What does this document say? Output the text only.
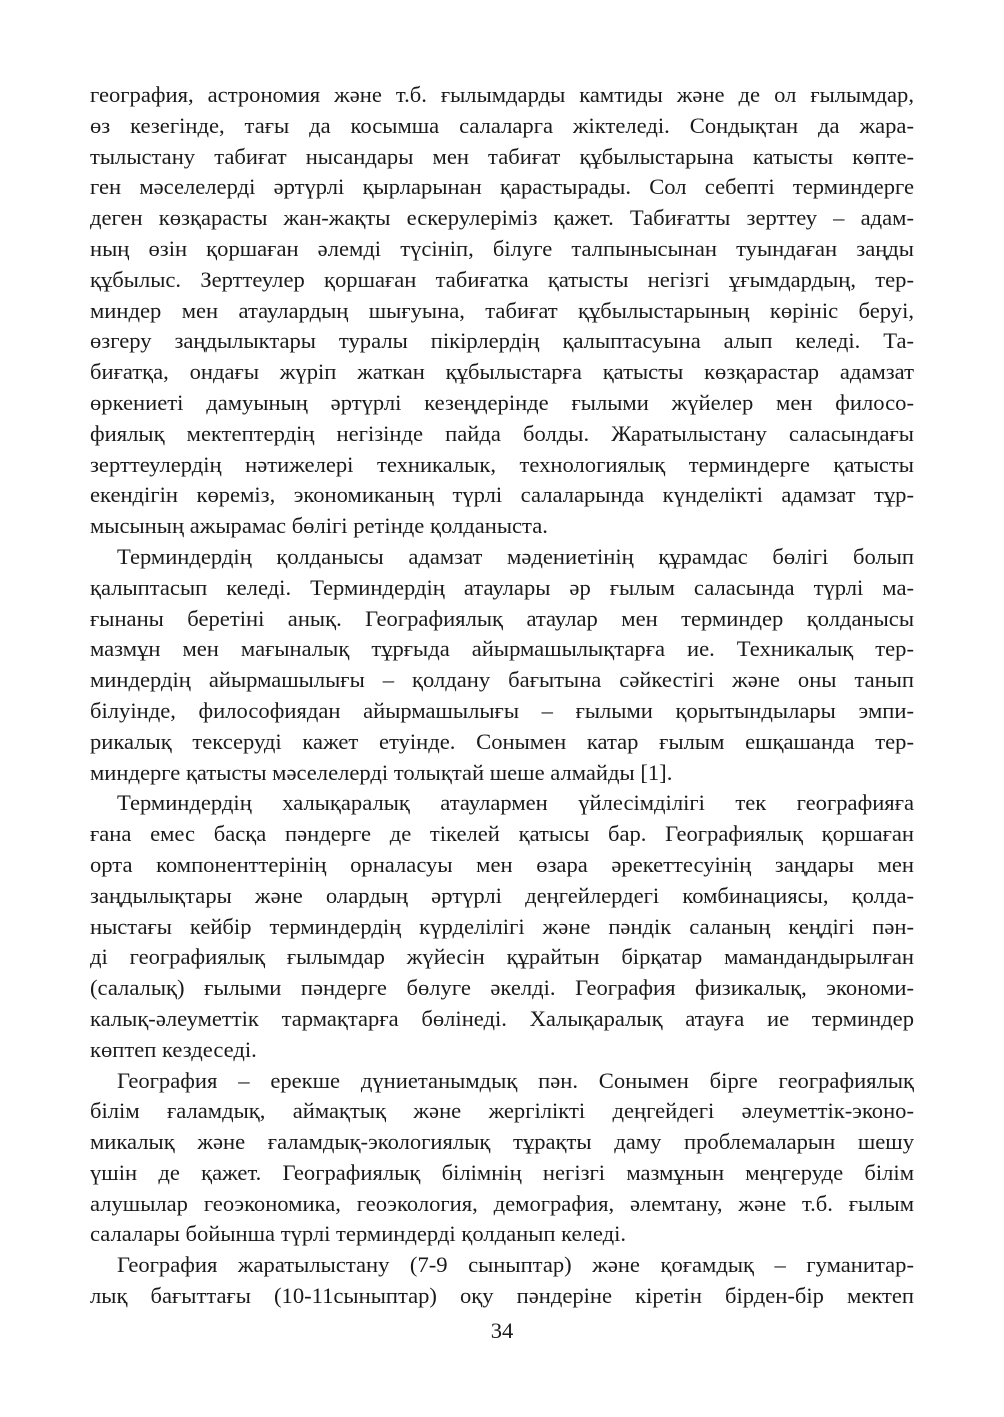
география, астрономия және т.б. ғылымдарды камтиды және де ол ғылымдар,
өз кезегінде, тағы да косымша салаларга жіктеледі. Сондықтан да жара-
тылыстану табиғат нысандары мен табиғат құбылыстарына катысты көпте-
ген мәселелерді әртүрлі қырларынан қарастырады. Сол себепті терминдерге
деген көзқарасты жан-жақты ескерулеріміз қажет. Табиғатты зерттеу – адам-
ның өзін қоршаған әлемді түсініп, білуге талпынысынан туындаған заңды
құбылыс. Зерттеулер қоршаған табиғатка қатысты негізгі ұғымдардың, тер-
миндер мен атаулардың шығуына, табиғат құбылыстарының көрініс беруі,
өзгеру заңдылыктары туралы пікірлердің қалыптасуына алып келеді. Та-
биғатқа, ондағы жүріп жаткан құбылыстарға қатысты көзқарастар адамзат
өркениеті дамуының әртүрлі кезеңдерінде ғылыми жүйелер мен филосо-
фиялық мектептердің негізінде пайда болды. Жаратылыстану саласындағы
зерттеулердің нәтижелері техникалык, технологиялық терминдерге қатысты
екендігін көреміз, экономиканың түрлі салаларында күнделікті адамзат тұр-
мысының ажырамас бөлігі ретінде қолданыста.
Терминдердің қолданысы адамзат мәдениетінің құрамдас бөлігі болып
қалыптасып келеді. Терминдердің атаулары әр ғылым саласында түрлі ма-
ғынаны беретіні анық. Географиялық атаулар мен терминдер қолданысы
мазмұн мен мағыналық тұрғыда айырмашылықтарға ие. Техникалық тер-
миндердің айырмашылығы – қолдану бағытына сәйкестігі және оны танып
білуінде, философиядан айырмашылығы – ғылыми қорытындылары эмпи-
рикалық тексеруді кажет етуінде. Сонымен катар ғылым ешқашанда тер-
миндерге қатысты мәселелерді толықтай шеше алмайды [1].
Терминдердің халықаралық атаулармен үйлесімділігі тек географияға
ғана емес басқа пәндерге де тікелей қатысы бар. Географиялық қоршаған
орта компоненттерінің орналасуы мен өзара әрекеттесуінің заңдары мен
заңдылықтары және олардың әртүрлі деңгейлердегі комбинациясы, қолда-
ныстағы кейбір терминдердің күрделілігі және пәндік саланың кеңдігі пән-
ді географиялық ғылымдар жүйесін құрайтын бірқатар мамандандырылған
(салалық) ғылыми пәндерге бөлуге әкелді. География физикалық, экономи-
калық-әлеуметтік тармақтарға бөлінеді. Халықаралық атауға ие терминдер
көптеп кездеседі.
География – ерекше дүниетанымдық пән. Сонымен бірге географиялық
білім ғаламдық, аймақтық және жергілікті деңгейдегі әлеуметтік-эконо-
микалық және ғаламдық-экологиялық тұрақты даму проблемаларын шешу
үшін де қажет. Географиялық білімнің негізгі мазмұнын меңгеруде білім
алушылар геоэкономика, геоэкология, демография, әлемтану, және т.б. ғылым
салалары бойынша түрлі терминдерді қолданып келеді.
География жаратылыстану (7-9 сыныптар) және қоғамдық – гуманитар-
лық бағыттағы (10-11сыныптар) оқу пәндеріне кіретін бірден-бір мектеп
34
